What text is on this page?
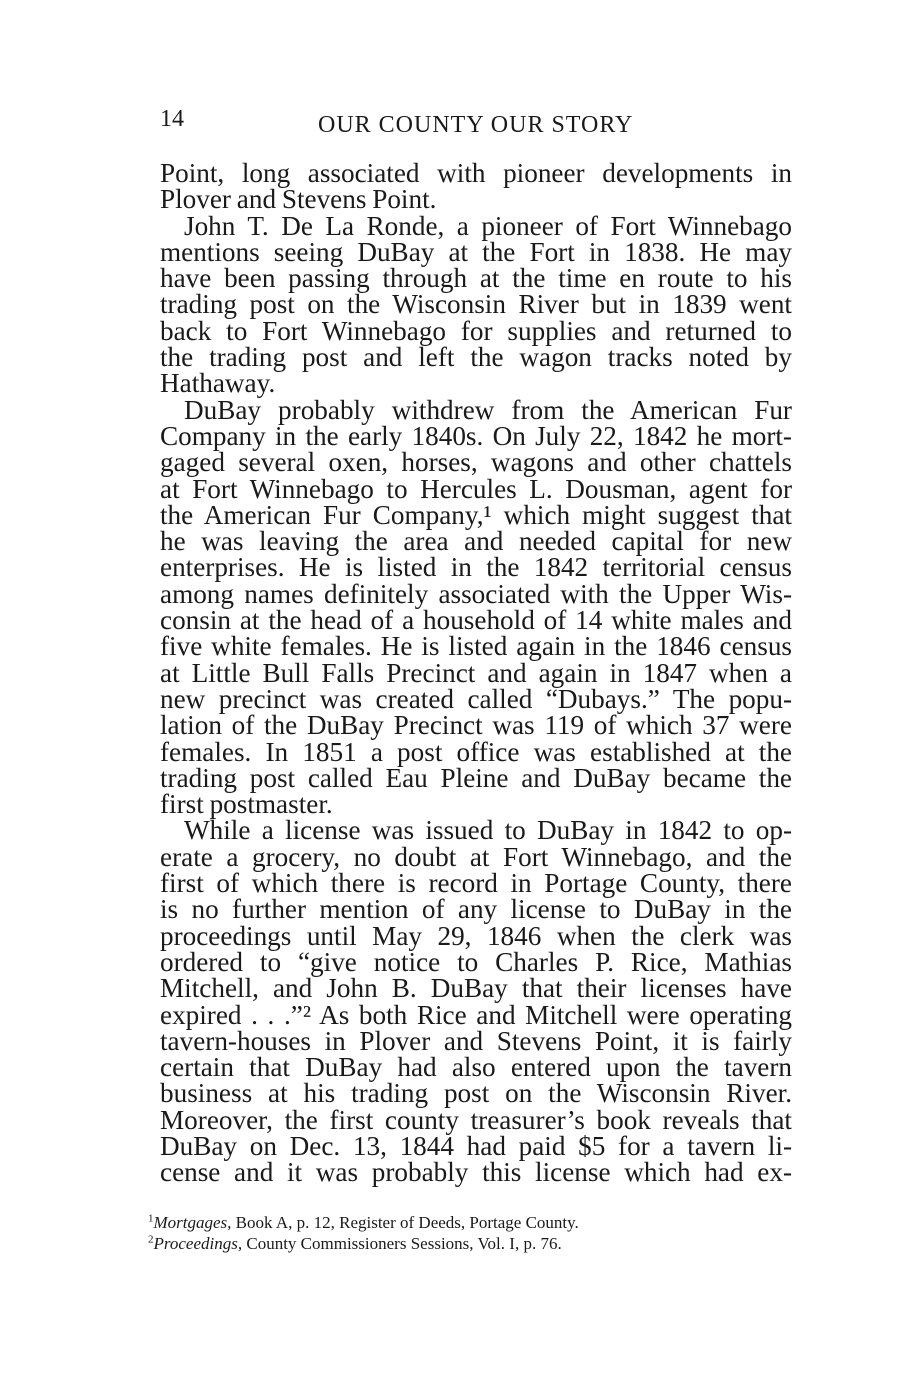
14	OUR COUNTY OUR STORY

Point, long associated with pioneer developments in
Plover and Stevens Point.

John T. De La Ronde, a pioneer of Fort Winnebago
mentions seeing DuBay at the Fort in 1838. He may
have been passing through at the time en route to his
trading post on the Wisconsin River but in 1839 went
back to Fort Winnebago for supplies and returned to
the trading post and left the wagon tracks noted by
Hathaway.

DuBay probably withdrew from the American Fur
Company in the early 1840s. On July 22, 1842 he mort-
gaged several oxen, horses, wagons and other chattels
at Fort Winnebago to Hercules L. Dousman, agent for
the American Fur Company,¹ which might suggest that
he was leaving the area and needed capital for new
enterprises. He is listed in the 1842 territorial census
among names definitely associated with the Upper Wis-
consin at the head of a household of 14 white males and
five white females. He is listed again in the 1846 census
at Little Bull Falls Precinct and again in 1847 when a
new precinct was created called “Dubays.” The popu-
lation of the DuBay Precinct was 119 of which 37 were
females. In 1851 a post office was established at the
trading post called Eau Pleine and DuBay became the
first postmaster.

While a license was issued to DuBay in 1842 to op-
erate a grocery, no doubt at Fort Winnebago, and the
first of which there is record in Portage County, there
is no further mention of any license to DuBay in the
proceedings until May 29, 1846 when the clerk was
ordered to “give notice to Charles P. Rice, Mathias
Mitchell, and John B. DuBay that their licenses have
expired . . .”² As both Rice and Mitchell were operating
tavern-houses in Plover and Stevens Point, it is fairly
certain that DuBay had also entered upon the tavern
business at his trading post on the Wisconsin River.
Moreover, the first county treasurer’s book reveals that
DuBay on Dec. 13, 1844 had paid $5 for a tavern li-
cense and it was probably this license which had ex-

$^1$Mortgages, Book A, p. 12, Register of Deeds, Portage County.
$^2$Proceedings, County Commissioners Sessions, Vol. I, p. 76.
